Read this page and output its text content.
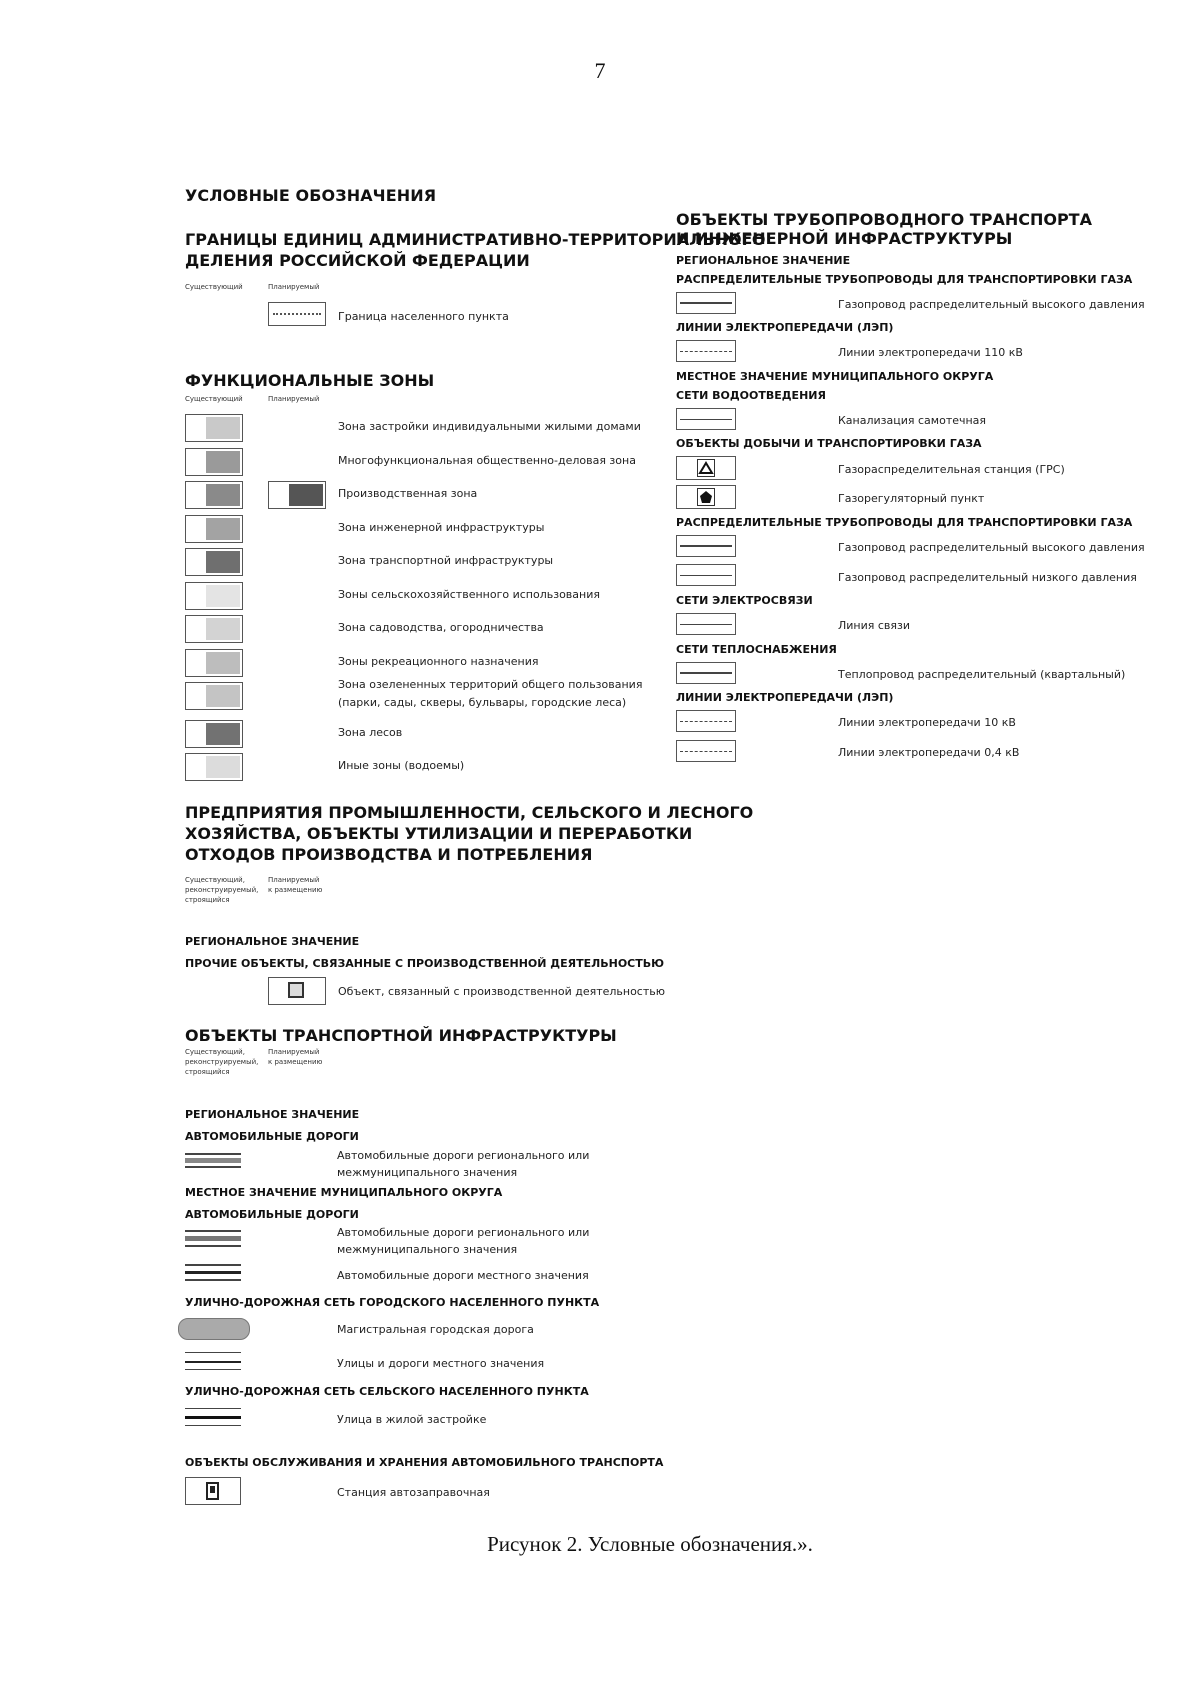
7
УСЛОВНЫЕ ОБОЗНАЧЕНИЯ
ГРАНИЦЫ ЕДИНИЦ АДМИНИСТРАТИВНО-ТЕРРИТОРИАЛЬНОГО
ДЕЛЕНИЯ РОССИЙСКОЙ ФЕДЕРАЦИИ
Существующий	Планируемый
Граница населенного пункта
ФУНКЦИОНАЛЬНЫЕ ЗОНЫ
Существующий	Планируемый
Зона застройки индивидуальными жилыми домами
Многофункциональная общественно-деловая зона
Производственная зона
Зона инженерной инфраструктуры
Зона транспортной инфраструктуры
Зоны сельскохозяйственного использования
Зона садоводства, огородничества
Зоны рекреационного назначения
Зона озелененных территорий общего пользования
(парки, сады, скверы, бульвары, городские леса)
Зона лесов
Иные зоны (водоемы)
ПРЕДПРИЯТИЯ ПРОМЫШЛЕННОСТИ, СЕЛЬСКОГО И ЛЕСНОГО
ХОЗЯЙСТВА, ОБЪЕКТЫ УТИЛИЗАЦИИ И ПЕРЕРАБОТКИ
ОТХОДОВ ПРОИЗВОДСТВА И ПОТРЕБЛЕНИЯ
Существующий,
реконструируемый,
строящийся
Планируемый
к размещению
РЕГИОНАЛЬНОЕ ЗНАЧЕНИЕ
ПРОЧИЕ ОБЪЕКТЫ, СВЯЗАННЫЕ С ПРОИЗВОДСТВЕННОЙ ДЕЯТЕЛЬНОСТЬЮ
Объект, связанный с производственной деятельностью
ОБЪЕКТЫ ТРАНСПОРТНОЙ ИНФРАСТРУКТУРЫ
Существующий,
реконструируемый,
строящийся
Планируемый
к размещению
РЕГИОНАЛЬНОЕ ЗНАЧЕНИЕ
АВТОМОБИЛЬНЫЕ ДОРОГИ
Автомобильные дороги регионального или
межмуниципального значения
МЕСТНОЕ ЗНАЧЕНИЕ МУНИЦИПАЛЬНОГО ОКРУГА
АВТОМОБИЛЬНЫЕ ДОРОГИ
Автомобильные дороги регионального или
межмуниципального значения
Автомобильные дороги местного значения
УЛИЧНО-ДОРОЖНАЯ СЕТЬ ГОРОДСКОГО НАСЕЛЕННОГО ПУНКТА
Магистральная городская дорога
Улицы и дороги местного значения
УЛИЧНО-ДОРОЖНАЯ СЕТЬ СЕЛЬСКОГО НАСЕЛЕННОГО ПУНКТА
Улица в жилой застройке
ОБЪЕКТЫ ОБСЛУЖИВАНИЯ И ХРАНЕНИЯ АВТОМОБИЛЬНОГО ТРАНСПОРТА
Станция автозаправочная
ОБЪЕКТЫ ТРУБОПРОВОДНОГО ТРАНСПОРТА
И ИНЖЕНЕРНОЙ ИНФРАСТРУКТУРЫ
РЕГИОНАЛЬНОЕ ЗНАЧЕНИЕ
РАСПРЕДЕЛИТЕЛЬНЫЕ ТРУБОПРОВОДЫ ДЛЯ ТРАНСПОРТИРОВКИ ГАЗА
Газопровод распределительный высокого давления
ЛИНИИ ЭЛЕКТРОПЕРЕДАЧИ (ЛЭП)
Линии электропередачи 110 кВ
МЕСТНОЕ ЗНАЧЕНИЕ МУНИЦИПАЛЬНОГО ОКРУГА
СЕТИ ВОДООТВЕДЕНИЯ
Канализация самотечная
ОБЪЕКТЫ ДОБЫЧИ И ТРАНСПОРТИРОВКИ ГАЗА
Газораспределительная станция (ГРС)
Газорегуляторный пункт
РАСПРЕДЕЛИТЕЛЬНЫЕ ТРУБОПРОВОДЫ ДЛЯ ТРАНСПОРТИРОВКИ ГАЗА
Газопровод распределительный высокого давления
Газопровод распределительный низкого давления
СЕТИ ЭЛЕКТРОСВЯЗИ
Линия связи
СЕТИ ТЕПЛОСНАБЖЕНИЯ
Теплопровод распределительный (квартальный)
ЛИНИИ ЭЛЕКТРОПЕРЕДАЧИ (ЛЭП)
Линии электропередачи 10 кВ
Линии электропередачи 0,4 кВ
Рисунок 2. Условные обозначения.».
